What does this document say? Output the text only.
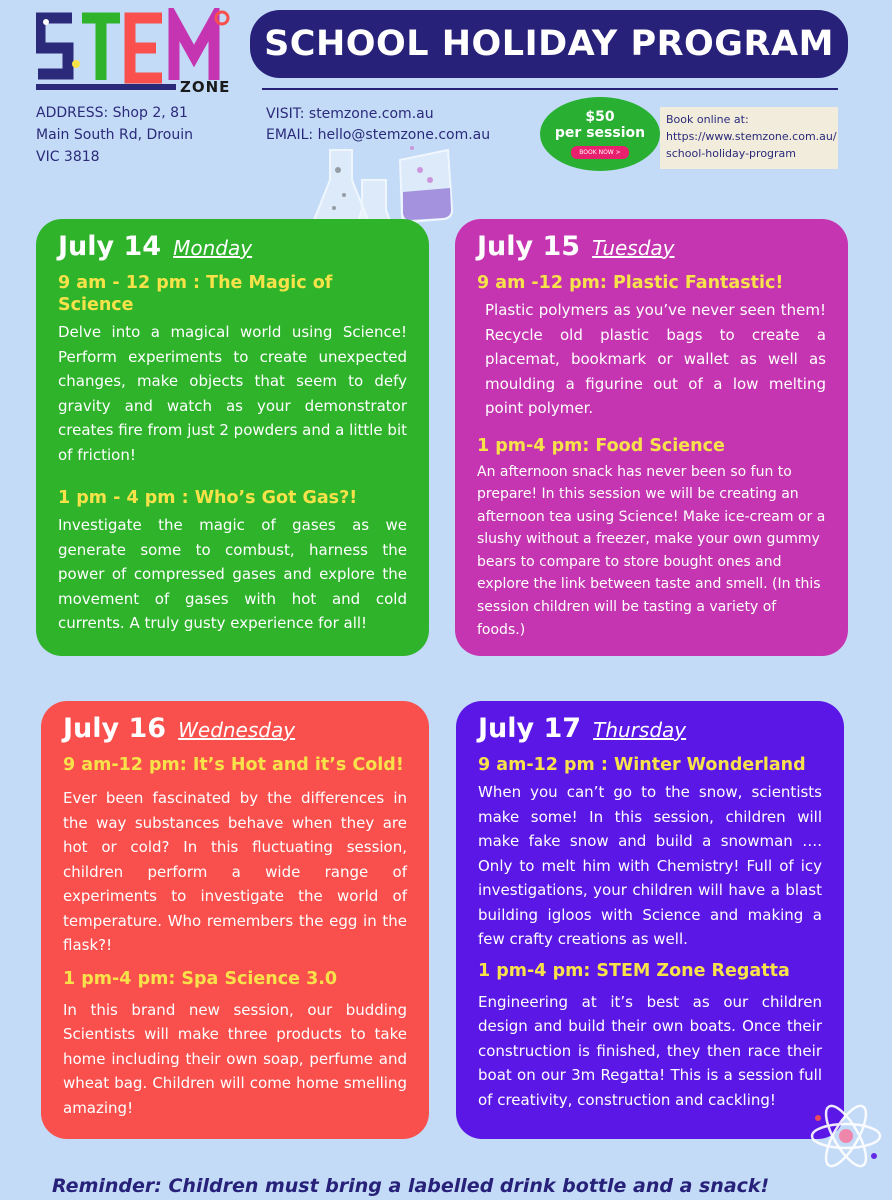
ZONE
SCHOOL HOLIDAY PROGRAM
ADDRESS: Shop 2, 81
Main South Rd, Drouin
VIC 3818
VISIT: stemzone.com.au
EMAIL: hello@stemzone.com.au
$50
per session
BOOK NOW >
Book online at:
https://www.stemzone.com.au/
school-holiday-program
July 14 Monday
9 am - 12 pm : The Magic of Science
Delve into a magical world using Science! Perform experiments to create unexpected changes, make objects that seem to defy gravity and watch as your demonstrator creates fire from just 2 powders and a little bit of friction!
1 pm - 4 pm : Who’s Got Gas?!
Investigate the magic of gases as we generate some to combust, harness the power of compressed gases and explore the movement of gases with hot and cold currents. A truly gusty experience for all!
July 15 Tuesday
9 am -12 pm: Plastic Fantastic!
Plastic polymers as you’ve never seen them! Recycle old plastic bags to create a placemat, bookmark or wallet as well as moulding a figurine out of a low melting point polymer.
1 pm-4 pm: Food Science
An afternoon snack has never been so fun to prepare! In this session we will be creating an afternoon tea using Science! Make ice-cream or a slushy without a freezer, make your own gummy bears to compare to store bought ones and explore the link between taste and smell. (In this session children will be tasting a variety of foods.)
July 16 Wednesday
9 am-12 pm: It’s Hot and it’s Cold!
Ever been fascinated by the differences in the way substances behave when they are hot or cold? In this fluctuating session, children perform a wide range of experiments to investigate the world of temperature. Who remembers the egg in the flask?!
1 pm-4 pm: Spa Science 3.0
In this brand new session, our budding Scientists will make three products to take home including their own soap, perfume and wheat bag. Children will come home smelling amazing!
July 17 Thursday
9 am-12 pm : Winter Wonderland
When you can’t go to the snow, scientists make some! In this session, children will make fake snow and build a snowman …. Only to melt him with Chemistry! Full of icy investigations, your children will have a blast building igloos with Science and making a few crafty creations as well.
1 pm-4 pm: STEM Zone Regatta
Engineering at it’s best as our children design and build their own boats. Once their construction is finished, they then race their boat on our 3m Regatta! This is a session full of creativity, construction and cackling!
Reminder: Children must bring a labelled drink bottle and a snack!
